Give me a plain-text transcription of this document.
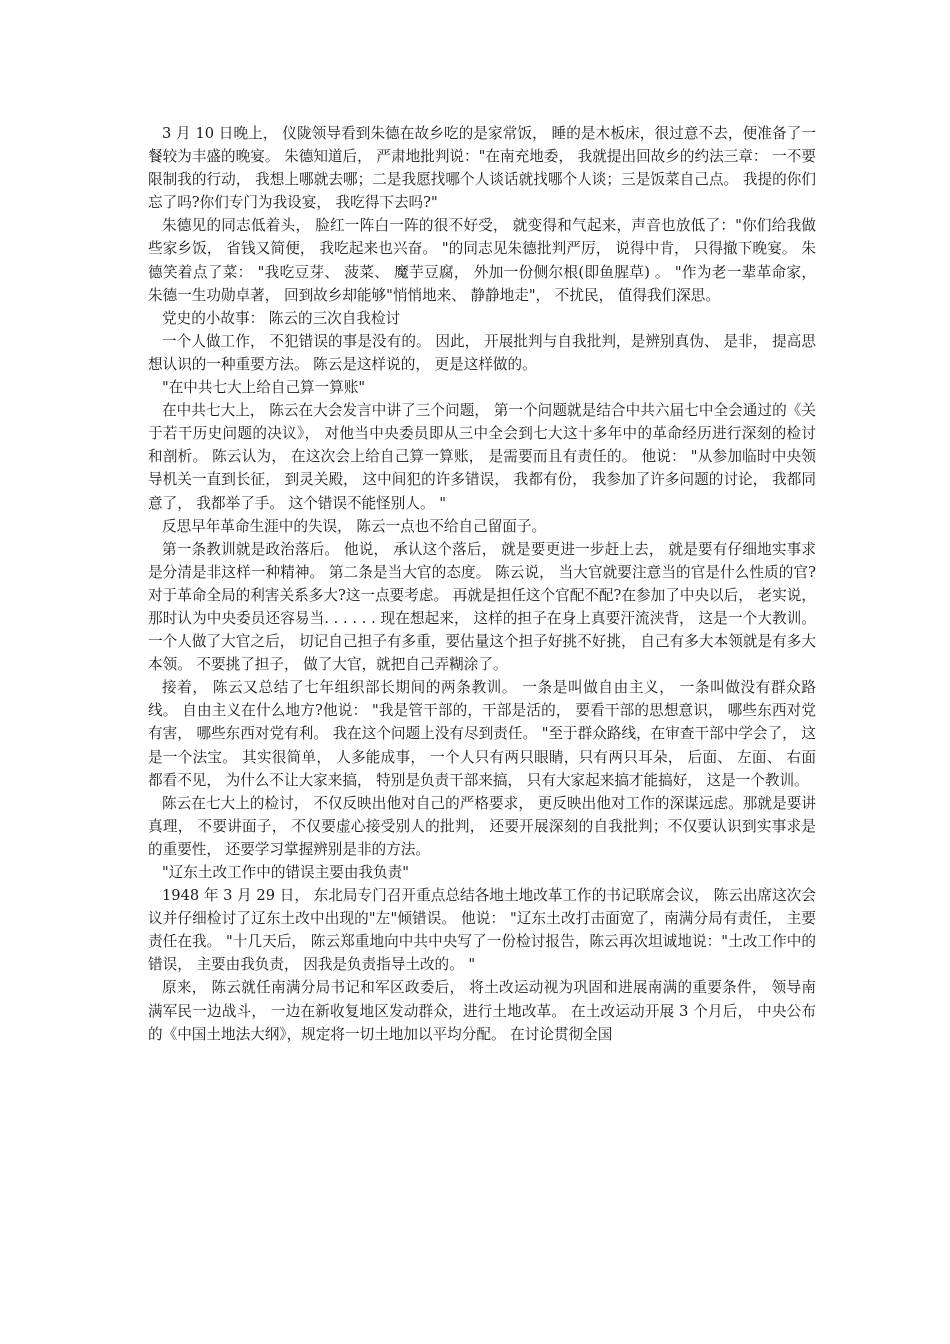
3 月 10 日晚上， 仪陇领导看到朱德在故乡吃的是家常饭， 睡的是木板床，很过意不去，便准备了一餐较为丰盛的晚宴。 朱德知道后， 严肃地批判说："在南充地委， 我就提出回故乡的约法三章： 一不要限制我的行动， 我想上哪就去哪；二是我愿找哪个人谈话就找哪个人谈；三是饭菜自己点。 我提的你们忘了吗?你们专门为我设宴， 我吃得下去吗?"

朱德见的同志低着头， 脸红一阵白一阵的很不好受， 就变得和气起来，声音也放低了："你们给我做些家乡饭， 省钱又简便， 我吃起来也兴奋。 "的同志见朱德批判严厉， 说得中肯， 只得撤下晚宴。 朱德笑着点了菜： "我吃豆芽、 菠菜、 魔芋豆腐， 外加一份侧尔根(即鱼腥草) 。 "作为老一辈革命家， 朱德一生功勋卓著， 回到故乡却能够"悄悄地来、 静静地走"， 不扰民， 值得我们深思。

党史的小故事： 陈云的三次自我检讨

一个人做工作， 不犯错误的事是没有的。 因此， 开展批判与自我批判，是辨别真伪、 是非， 提高思想认识的一种重要方法。 陈云是这样说的， 更是这样做的。

"在中共七大上给自己算一算账"

在中共七大上， 陈云在大会发言中讲了三个问题， 第一个问题就是结合中共六届七中全会通过的《关于若干历史问题的决议》， 对他当中央委员即从三中全会到七大这十多年中的革命经历进行深刻的检讨和剖析。 陈云认为， 在这次会上给自己算一算账， 是需要而且有责任的。 他说： "从参加临时中央领导机关一直到长征， 到灵关殿， 这中间犯的许多错误， 我都有份， 我参加了许多问题的讨论， 我都同意了， 我都举了手。 这个错误不能怪别人。 "

反思早年革命生涯中的失误， 陈云一点也不给自己留面子。

第一条教训就是政治落后。 他说， 承认这个落后， 就是要更进一步赶上去， 就是要有仔细地实事求是分清是非这样一种精神。 第二条是当大官的态度。 陈云说， 当大官就要注意当的官是什么性质的官?对于革命全局的利害关系多大?这一点要考虑。 再就是担任这个官配不配?在参加了中央以后， 老实说， 那时认为中央委员还容易当. . . . . . 现在想起来， 这样的担子在身上真要汗流浃背， 这是一个大教训。 一个人做了大官之后， 切记自己担子有多重，要估量这个担子好挑不好挑， 自己有多大本领就是有多大本领。 不要挑了担子， 做了大官，就把自己弄糊涂了。

接着， 陈云又总结了七年组织部长期间的两条教训。 一条是叫做自由主义， 一条叫做没有群众路线。 自由主义在什么地方?他说： "我是管干部的，干部是活的， 要看干部的思想意识， 哪些东西对党有害， 哪些东西对党有利。 我在这个问题上没有尽到责任。 "至于群众路线，在审查干部中学会了， 这是一个法宝。 其实很简单， 人多能成事， 一个人只有两只眼睛，只有两只耳朵， 后面、 左面、 右面都看不见， 为什么不让大家来搞， 特别是负责干部来搞， 只有大家起来搞才能搞好， 这是一个教训。

陈云在七大上的检讨， 不仅反映出他对自己的严格要求， 更反映出他对工作的深谋远虑。那就是要讲真理， 不要讲面子， 不仅要虚心接受别人的批判， 还要开展深刻的自我批判；不仅要认识到实事求是的重要性， 还要学习掌握辨别是非的方法。

"辽东土改工作中的错误主要由我负责"

1948 年 3 月 29 日， 东北局专门召开重点总结各地土地改革工作的书记联席会议， 陈云出席这次会议并仔细检讨了辽东土改中出现的"左"倾错误。 他说： "辽东土改打击面宽了，南满分局有责任， 主要责任在我。 "十几天后， 陈云郑重地向中共中央写了一份检讨报告，陈云再次坦诚地说："土改工作中的错误， 主要由我负责， 因我是负责指导土改的。 "

原来， 陈云就任南满分局书记和军区政委后， 将土改运动视为巩固和进展南满的重要条件， 领导南满军民一边战斗， 一边在新收复地区发动群众，进行土地改革。 在土改运动开展 3 个月后， 中央公布的《中国土地法大纲》，规定将一切土地加以平均分配。 在讨论贯彻全国
